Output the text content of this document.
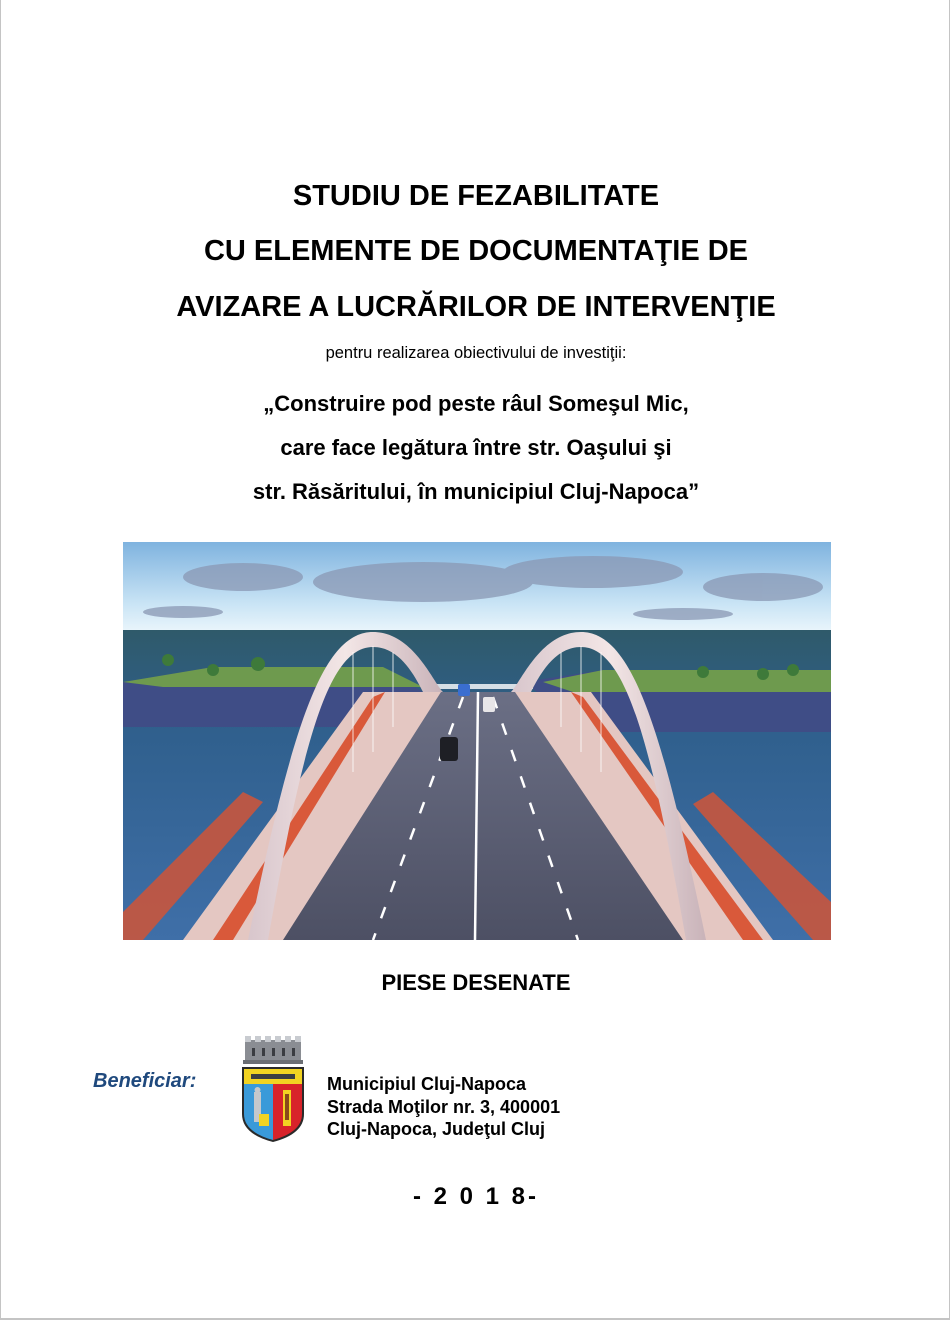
STUDIU DE FEZABILITATE
CU ELEMENTE DE DOCUMENTAŢIE DE
AVIZARE A LUCRĂRILOR DE INTERVENŢIE
pentru realizarea obiectivului de investiţii:
„Construire pod peste râul Someşul Mic,
care face legătura între str. Oaşului şi
str. Răsăritului, în municipiul Cluj-Napoca”
PIESE DESENATE
Beneficiar:	Municipiul Cluj-Napoca
Strada Moţilor nr. 3, 400001
Cluj-Napoca, Judeţul Cluj
- 2 0 1 8-
